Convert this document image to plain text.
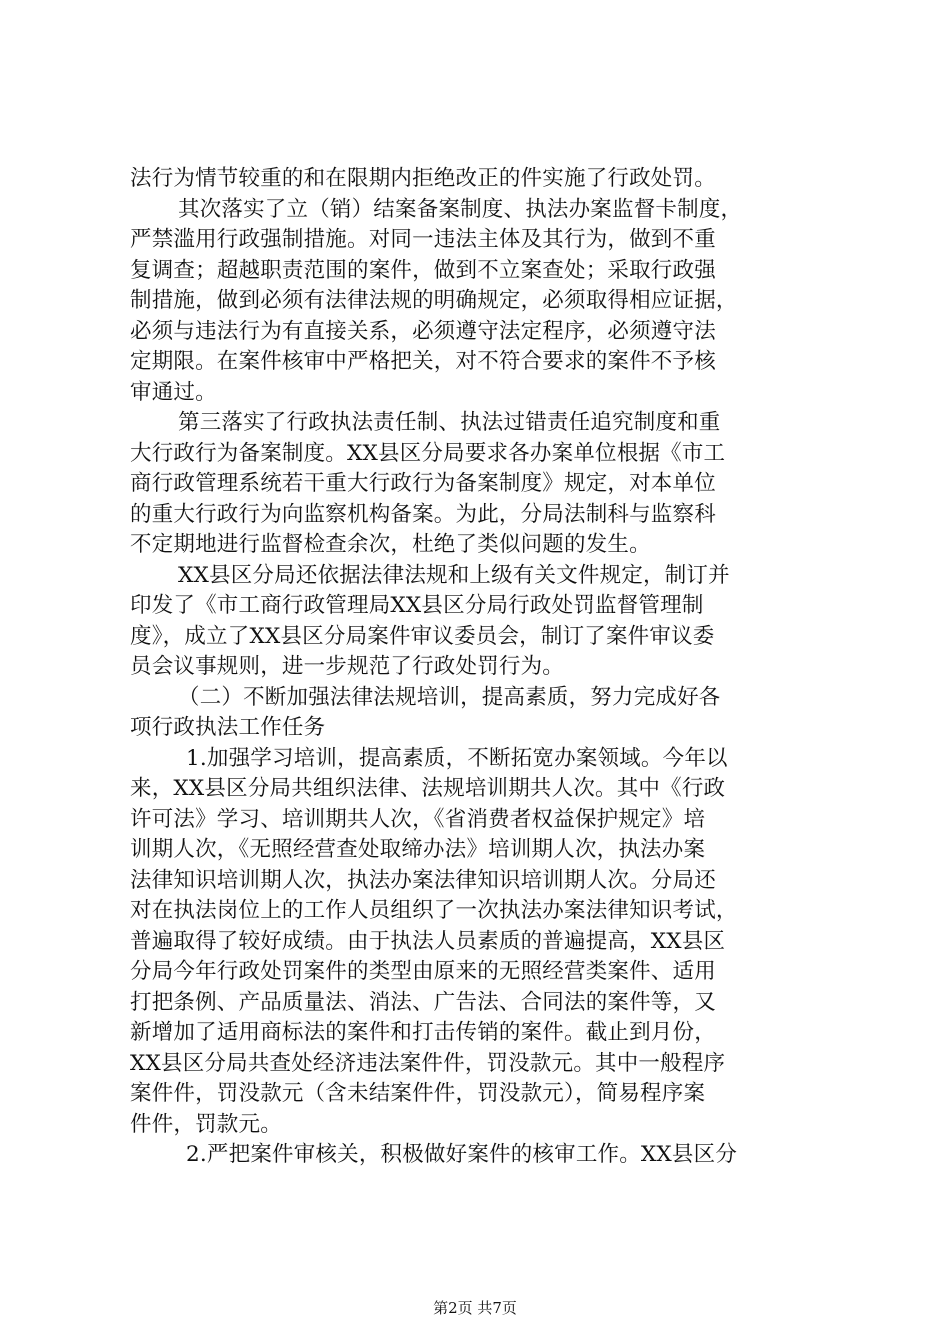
法行为情节较重的和在限期内拒绝改正的件实施了行政处罚。
其次落实了立（销）结案备案制度、执法办案监督卡制度，
严禁滥用行政强制措施。对同一违法主体及其行为，做到不重
复调查；超越职责范围的案件，做到不立案查处；采取行政强
制措施，做到必须有法律法规的明确规定，必须取得相应证据，
必须与违法行为有直接关系，必须遵守法定程序，必须遵守法
定期限。在案件核审中严格把关，对不符合要求的案件不予核
审通过。
第三落实了行政执法责任制、执法过错责任追究制度和重
大行政行为备案制度。XX县区分局要求各办案单位根据《市工
商行政管理系统若干重大行政行为备案制度》规定，对本单位
的重大行政行为向监察机构备案。为此，分局法制科与监察科
不定期地进行监督检查余次，杜绝了类似问题的发生。
XX县区分局还依据法律法规和上级有关文件规定，制订并
印发了《市工商行政管理局XX县区分局行政处罚监督管理制
度》，成立了XX县区分局案件审议委员会，制订了案件审议委
员会议事规则，进一步规范了行政处罚行为。
（二）不断加强法律法规培训，提高素质，努力完成好各
项行政执法工作任务
1.加强学习培训，提高素质，不断拓宽办案领域。今年以
来，XX县区分局共组织法律、法规培训期共人次。其中《行政
许可法》学习、培训期共人次，《省消费者权益保护规定》培
训期人次，《无照经营查处取缔办法》培训期人次，执法办案
法律知识培训期人次，执法办案法律知识培训期人次。分局还
对在执法岗位上的工作人员组织了一次执法办案法律知识考试，
普遍取得了较好成绩。由于执法人员素质的普遍提高，XX县区
分局今年行政处罚案件的类型由原来的无照经营类案件、适用
打把条例、产品质量法、消法、广告法、合同法的案件等，又
新增加了适用商标法的案件和打击传销的案件。截止到月份，
XX县区分局共查处经济违法案件件，罚没款元。其中一般程序
案件件，罚没款元（含未结案件件，罚没款元），简易程序案
第2页 共7页
2.严把案件审核关，积极做好案件的核审工作。XX县区分
件件，罚款元。
